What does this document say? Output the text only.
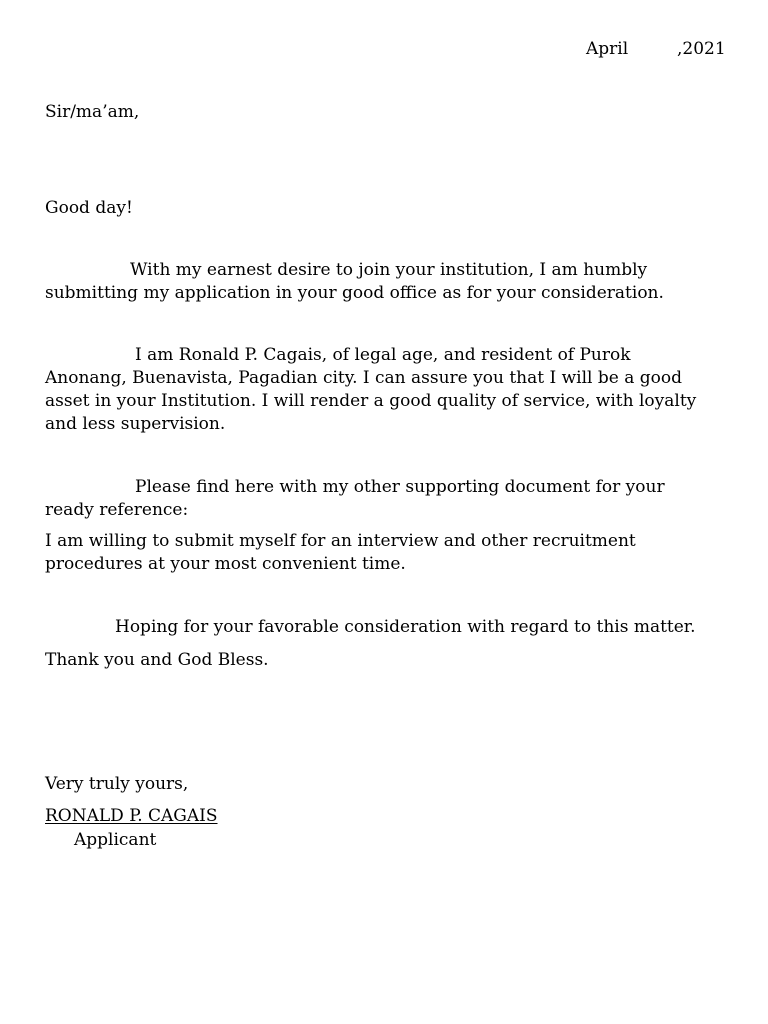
April	,2021
Sir/ma’am,
Good day!
With my earnest desire to join your institution, I am humbly
submitting my application in your good office as for your consideration.
I am Ronald P. Cagais, of legal age, and resident of Purok
Anonang, Buenavista, Pagadian city. I can assure you that I will be a good
asset in your Institution. I will render a good quality of service, with loyalty
and less supervision.
Please find here with my other supporting document for your
ready reference:
I am willing to submit myself for an interview and other recruitment
procedures at your most convenient time.
Hoping for your favorable consideration with regard to this matter.
Thank you and God Bless.
Very truly yours,
RONALD P. CAGAIS
Applicant
